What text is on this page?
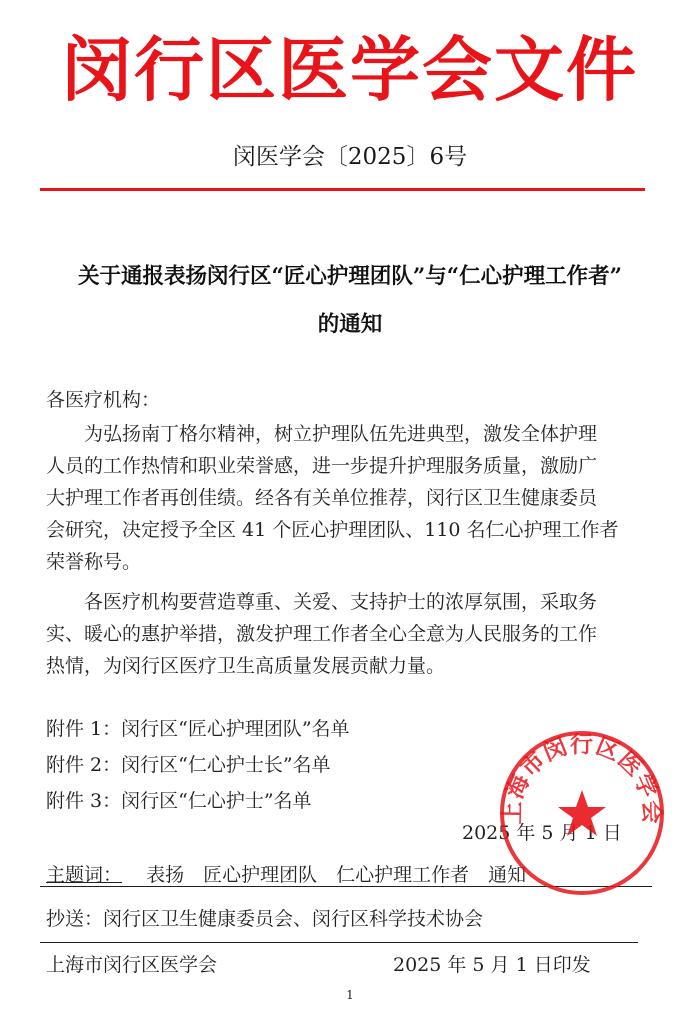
闵行区医学会文件
闵医学会〔2025〕6号
关于通报表扬闵行区“匠心护理团队”与“仁心护理工作者”
的通知
各医疗机构：
为弘扬南丁格尔精神，树立护理队伍先进典型，激发全体护理
人员的工作热情和职业荣誉感，进一步提升护理服务质量，激励广
大护理工作者再创佳绩。经各有关单位推荐，闵行区卫生健康委员
会研究，决定授予全区 41 个匠心护理团队、110 名仁心护理工作者
荣誉称号。
各医疗机构要营造尊重、关爱、支持护士的浓厚氛围，采取务
实、暖心的惠护举措，激发护理工作者全心全意为人民服务的工作
热情，为闵行区医疗卫生高质量发展贡献力量。
附件 1：闵行区“匠心护理团队”名单
附件 2：闵行区“仁心护士长”名单
附件 3：闵行区“仁心护士”名单
2025 年 5 月 1 日
主题词： 表扬　匠心护理团队　仁心护理工作者　通知
抄送：闵行区卫生健康委员会、闵行区科学技术协会
上海市闵行区医学会	2025 年 5 月 1 日印发
1
上海市闵行区医学会
